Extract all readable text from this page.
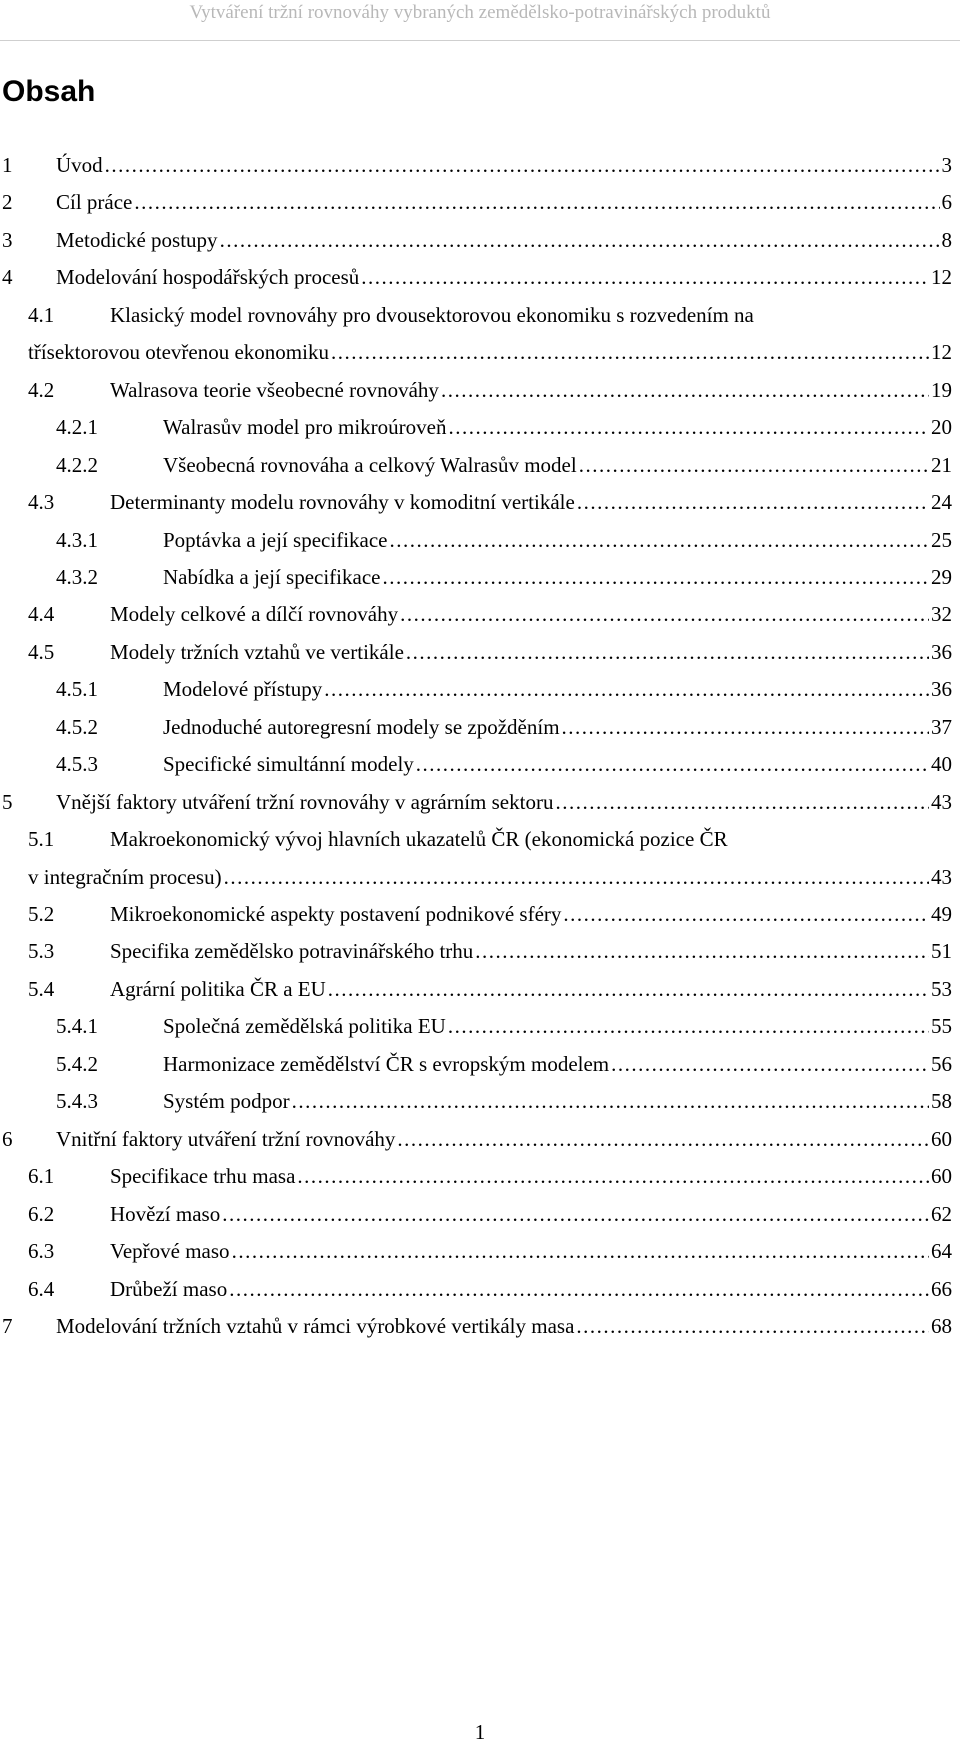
Vytváření tržní rovnováhy vybraných zemědělsko-potravinářských produktů
Obsah
1 Úvod .....	3
2 Cíl práce .....	6
3 Metodické postupy .....	8
4 Modelování hospodářských procesů .....	12
4.1	Klasický model rovnováhy pro dvousektorovou ekonomiku s rozvedením na
třísektorovou otevřenou ekonomiku .....	12
4.2	Walrasova teorie všeobecné rovnováhy .....	19
4.2.1	Walrasův model pro mikroúroveň .....	20
4.2.2	Všeobecná rovnováha a celkový Walrasův model .....	21
4.3	Determinanty modelu rovnováhy v komoditní vertikále .....	24
4.3.1	Poptávka a její specifikace .....	25
4.3.2	Nabídka a její specifikace .....	29
4.4	Modely celkové a dílčí rovnováhy .....	32
4.5	Modely tržních vztahů ve vertikále .....	36
4.5.1	Modelové přístupy .....	36
4.5.2	Jednoduché autoregresní modely se zpožděním .....	37
4.5.3	Specifické simultánní modely .....	40
5 Vnější faktory utváření tržní rovnováhy v agrárním sektoru .....	43
5.1	Makroekonomický vývoj hlavních ukazatelů ČR (ekonomická pozice ČR
v integračním procesu) .....	43
5.2	Mikroekonomické aspekty postavení podnikové sféry .....	49
5.3	Specifika zemědělsko potravinářského trhu .....	51
5.4	Agrární politika ČR a EU .....	53
5.4.1	Společná zemědělská politika EU .....	55
5.4.2	Harmonizace zemědělství ČR s evropským modelem .....	56
5.4.3	Systém podpor .....	58
6 Vnitřní faktory utváření tržní rovnováhy .....	60
6.1	Specifikace trhu masa .....	60
6.2	Hovězí maso .....	62
6.3	Vepřové maso .....	64
6.4	Drůbeží maso .....	66
7 Modelování tržních vztahů v rámci výrobkové vertikály masa .....	68
1
